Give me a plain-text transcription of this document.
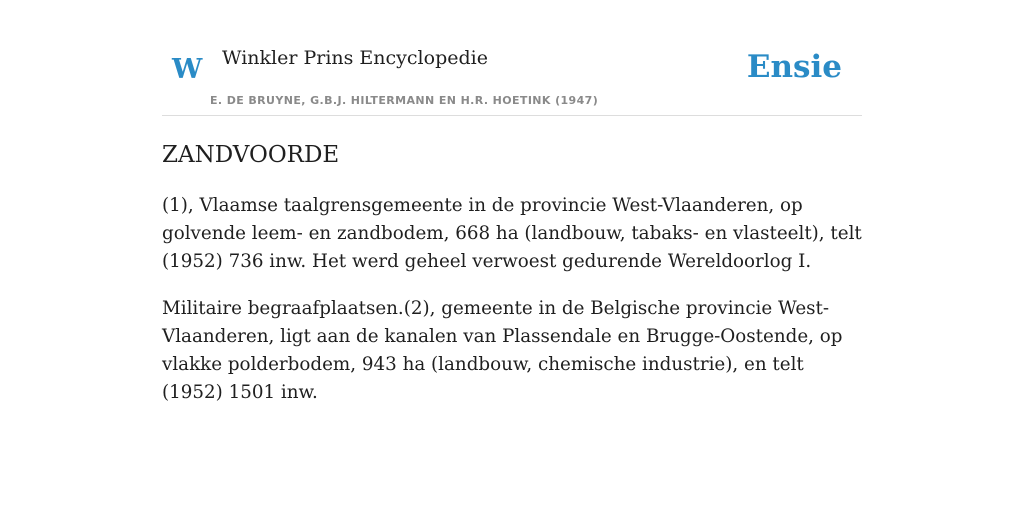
W Winkler Prins Encyclopedie	Ensie
E. DE BRUYNE, G.B.J. HILTERMANN EN H.R. HOETINK (1947)
ZANDVOORDE

(1), Vlaamse taalgrensgemeente in de provincie West-Vlaanderen, op golvende leem- en zandbodem, 668 ha (landbouw, tabaks- en vlasteelt), telt (1952) 736 inw. Het werd geheel verwoest gedurende Wereldoorlog I.

Militaire begraafplaatsen.(2), gemeente in de Belgische provincie West-Vlaanderen, ligt aan de kanalen van Plassendale en Brugge-Oostende, op vlakke polderbodem, 943 ha (landbouw, chemische industrie), en telt (1952) 1501 inw.
